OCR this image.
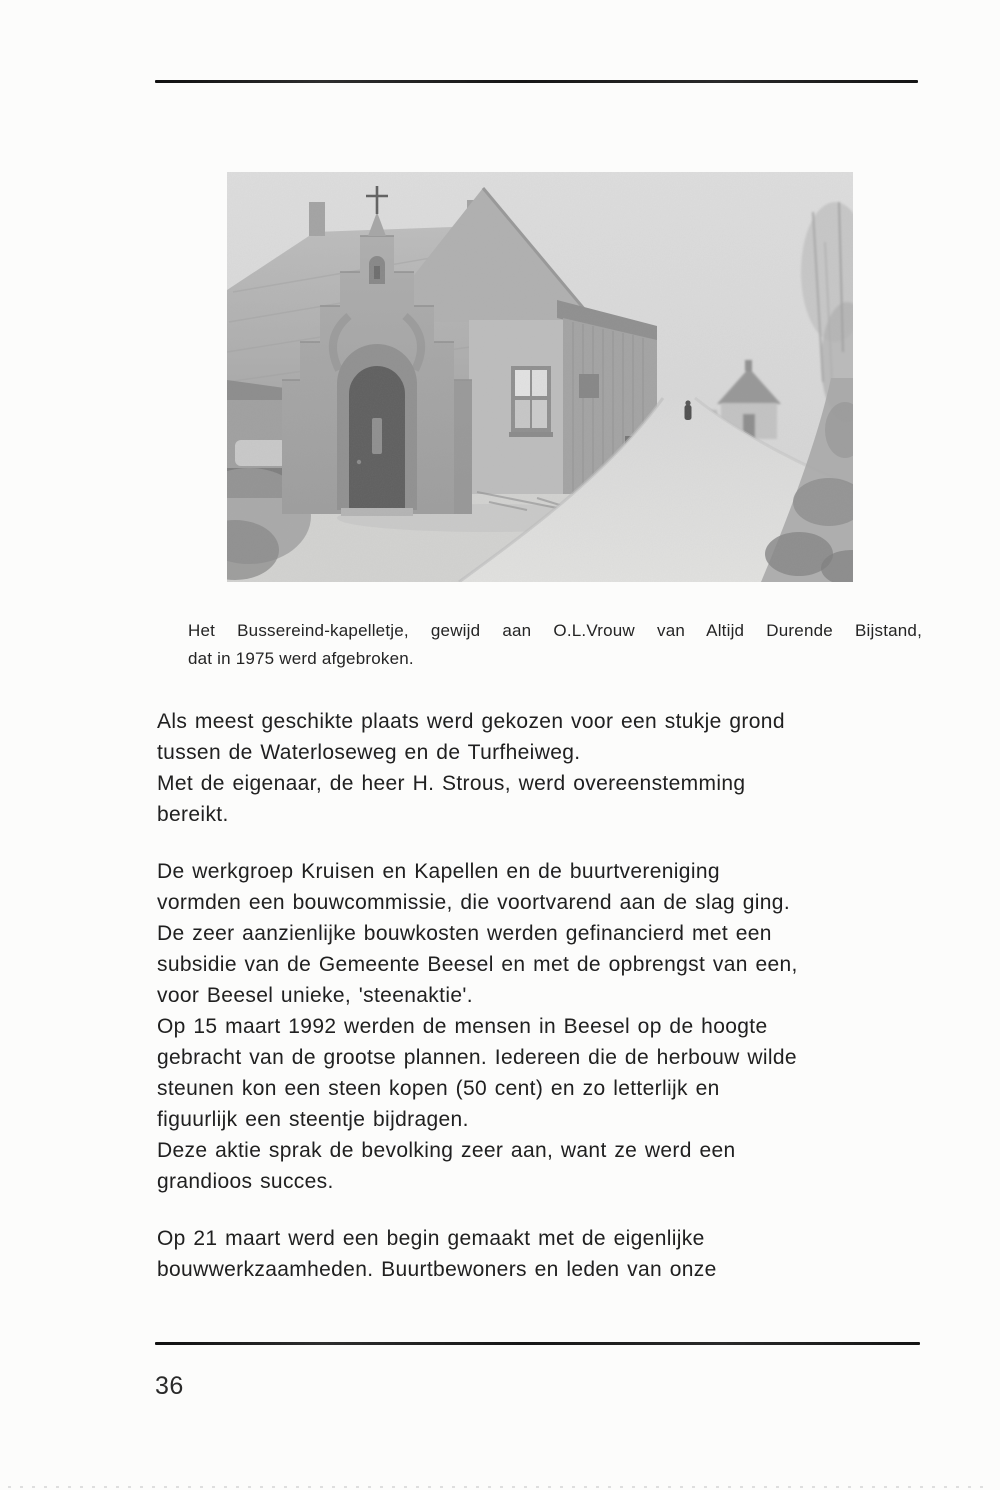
Het Bussereind-kapelletje, gewijd aan O.L.Vrouw van Altijd Durende Bijstand,
dat in 1975 werd afgebroken.
Als meest geschikte plaats werd gekozen voor een stukje grond
tussen de Waterloseweg en de Turfheiweg.
Met de eigenaar, de heer H. Strous, werd overeenstemming
bereikt.
De werkgroep Kruisen en Kapellen en de buurtvereniging
vormden een bouwcommissie, die voortvarend aan de slag ging.
De zeer aanzienlijke bouwkosten werden gefinancierd met een
subsidie van de Gemeente Beesel en met de opbrengst van een,
voor Beesel unieke, 'steenaktie'.
Op 15 maart 1992 werden de mensen in Beesel op de hoogte
gebracht van de grootse plannen. Iedereen die de herbouw wilde
steunen kon een steen kopen (50 cent) en zo letterlijk en
figuurlijk een steentje bijdragen.
Deze aktie sprak de bevolking zeer aan, want ze werd een
grandioos succes.
Op 21 maart werd een begin gemaakt met de eigenlijke
bouwwerkzaamheden. Buurtbewoners en leden van onze
36
